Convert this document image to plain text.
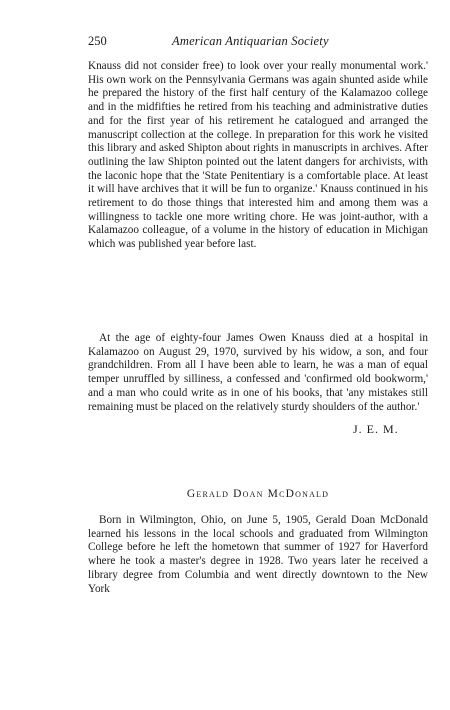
250	American Antiquarian Society

Knauss did not consider free) to look over your really monumental work.' His own work on the Pennsylvania Germans was again shunted aside while he prepared the history of the first half century of the Kalamazoo college and in the midfifties he retired from his teaching and administrative duties and for the first year of his retirement he catalogued and arranged the manuscript collection at the college. In preparation for this work he visited this library and asked Shipton about rights in manuscripts in archives. After outlining the law Shipton pointed out the latent dangers for archivists, with the laconic hope that the 'State Penitentiary is a comfortable place. At least it will have archives that it will be fun to organize.' Knauss continued in his retirement to do those things that interested him and among them was a willingness to tackle one more writing chore. He was joint-author, with a Kalamazoo colleague, of a volume in the history of education in Michigan which was published year before last.

At the age of eighty-four James Owen Knauss died at a hospital in Kalamazoo on August 29, 1970, survived by his widow, a son, and four grandchildren. From all I have been able to learn, he was a man of equal temper unruffled by silliness, a confessed and 'confirmed old bookworm,' and a man who could write as in one of his books, that 'any mistakes still remaining must be placed on the relatively sturdy shoulders of the author.'

J. E. M.
Gerald Doan McDonald

Born in Wilmington, Ohio, on June 5, 1905, Gerald Doan McDonald learned his lessons in the local schools and graduated from Wilmington College before he left the hometown that summer of 1927 for Haverford where he took a master's degree in 1928. Two years later he received a library degree from Columbia and went directly downtown to the New York
